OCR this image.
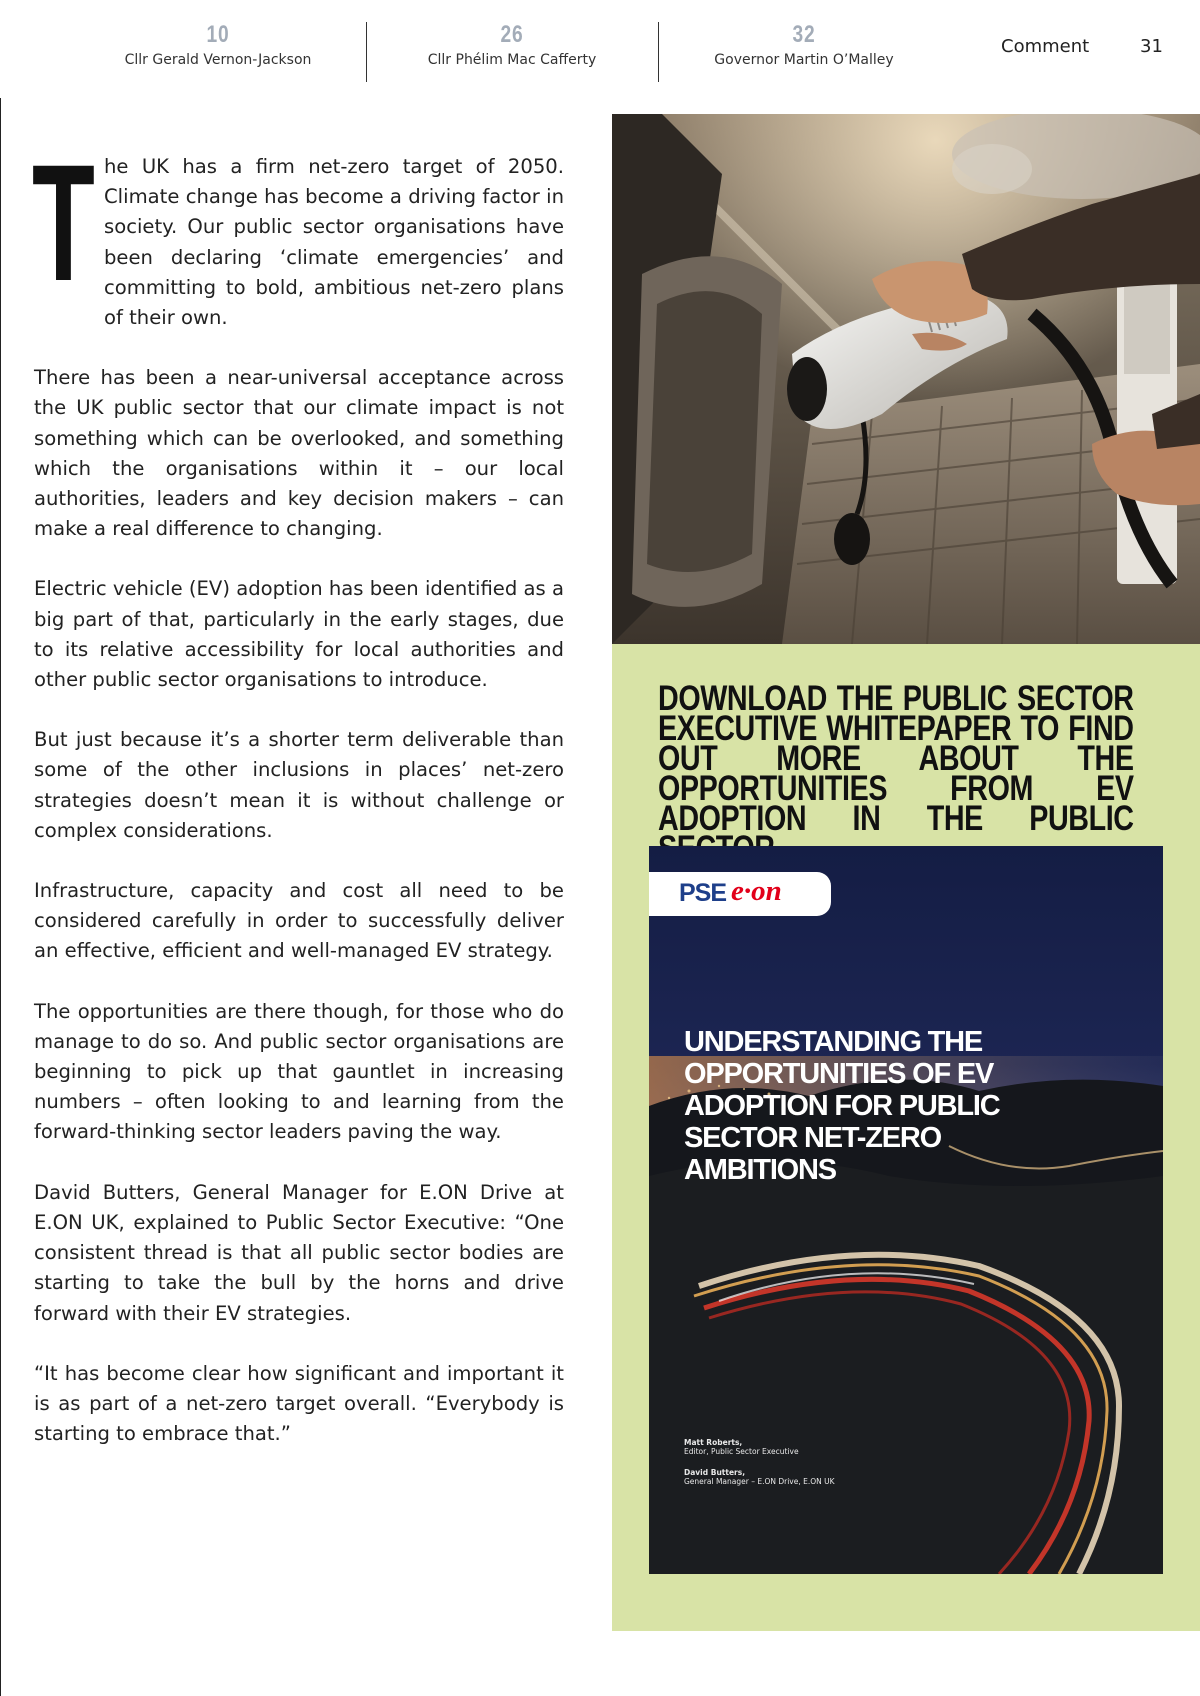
10
Cllr Gerald Vernon-Jackson
26
Cllr Phélim Mac Cafferty
32
Governor Martin O’Malley
Comment	31

The UK has a firm net-zero target of 2050. Climate change has become a driving factor in society. Our public sector organisations have been declaring ‘climate emergencies’ and committing to bold, ambitious net-zero plans of their own.

There has been a near-universal acceptance across the UK public sector that our climate impact is not something which can be overlooked, and something which the organisations within it – our local authorities, leaders and key decision makers – can make a real difference to changing.

Electric vehicle (EV) adoption has been identified as a big part of that, particularly in the early stages, due to its relative accessibility for local authorities and other public sector organisations to introduce.

But just because it’s a shorter term deliverable than some of the other inclusions in places’ net-zero strategies doesn’t mean it is without challenge or complex considerations.

Infrastructure, capacity and cost all need to be considered carefully in order to successfully deliver an effective, efficient and well-managed EV strategy.

The opportunities are there though, for those who do manage to do so. And public sector organisations are beginning to pick up that gauntlet in increasing numbers – often looking to and learning from the forward-thinking sector leaders paving the way.

David Butters, General Manager for E.ON Drive at E.ON UK, explained to Public Sector Executive: “One consistent thread is that all public sector bodies are starting to take the bull by the horns and drive forward with their EV strategies.

“It has become clear how significant and important it is as part of a net-zero target overall. “Everybody is starting to embrace that.”

DOWNLOAD THE PUBLIC SECTOR EXECUTIVE WHITEPAPER TO FIND OUT MORE ABOUT THE OPPORTUNITIES FROM EV ADOPTION IN THE PUBLIC

PSE e·on
UNDERSTANDING THE OPPORTUNITIES OF EV ADOPTION FOR PUBLIC SECTOR NET-ZERO AMBITIONS
Matt Roberts,
Editor, Public Sector Executive
David Butters,
General Manager – E.ON Drive, E.ON UK
